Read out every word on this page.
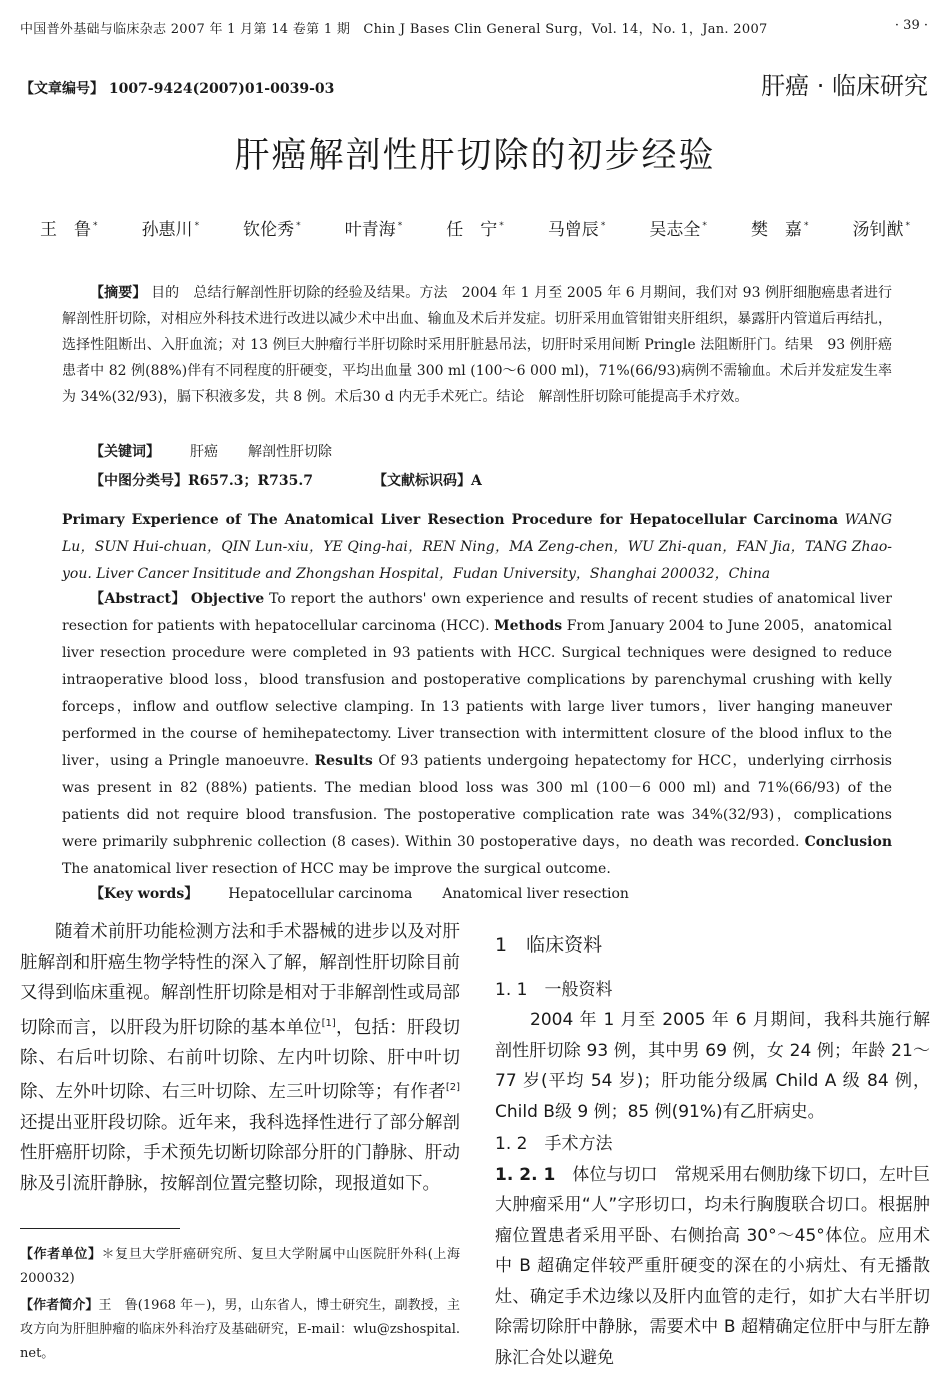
中国普外基础与临床杂志 2007 年 1 月第 14 卷第 1 期　Chin J Bases Clin General Surg，Vol. 14，No. 1，Jan. 2007	· 39 ·
【文章编号】 1007-9424(2007)01-0039-03	肝癌 · 临床研究
肝癌解剖性肝切除的初步经验
王　鲁 *	孙惠川 *	钦伦秀 *	叶青海 *	任　宁 *	马曾辰 *	吴志全 *	樊　嘉 *	汤钊猷 *
【摘要】 目的　总结行解剖性肝切除的经验及结果。方法　2004 年 1 月至 2005 年 6 月期间，我们对 93 例肝细胞癌患者进行解剖性肝切除，对相应外科技术进行改进以减少术中出血、输血及术后并发症。切肝采用血管钳钳夹肝组织，暴露肝内管道后再结扎，选择性阻断出、入肝血流；对 13 例巨大肿瘤行半肝切除时采用肝脏悬吊法，切肝时采用间断 Pringle 法阻断肝门。结果　93 例肝癌患者中 82 例(88%)伴有不同程度的肝硬变，平均出血量 300 ml (100～6 000 ml)，71%(66/93)病例不需输血。术后并发症发生率为 34%(32/93)，膈下积液多发，共 8 例。术后30 d 内无手术死亡。结论　解剖性肝切除可能提高手术疗效。
【关键词】 肝癌 解剖性肝切除
【中图分类号】R657.3；R735.7	【文献标识码】A
Primary Experience of The Anatomical Liver Resection Procedure for Hepatocellular Carcinoma WANG Lu，SUN Hui-chuan，QIN Lun-xiu，YE Qing-hai，REN Ning，MA Zeng-chen，WU Zhi-quan，FAN Jia，TANG Zhao-you. Liver Cancer Insititude and Zhongshan Hospital，Fudan University，Shanghai 200032，China
【Abstract】 Objective To report the authors' own experience and results of recent studies of anatomical liver resection for patients with hepatocellular carcinoma (HCC). Methods From January 2004 to June 2005，anatomical liver resection procedure were completed in 93 patients with HCC. Surgical techniques were designed to reduce intraoperative blood loss，blood transfusion and postoperative complications by parenchymal crushing with kelly forceps，inflow and outflow selective clamping. In 13 patients with large liver tumors，liver hanging maneuver performed in the course of hemihepatectomy. Liver transection with intermittent closure of the blood influx to the liver，using a Pringle manoeuvre. Results Of 93 patients undergoing hepatectomy for HCC，underlying cirrhosis was present in 82 (88%) patients. The median blood loss was 300 ml (100－6 000 ml) and 71%(66/93) of the patients did not require blood transfusion. The postoperative complication rate was 34%(32/93)，complications were primarily subphrenic collection (8 cases). Within 30 postoperative days，no death was recorded. Conclusion The anatomical liver resection of HCC may be improve the surgical outcome.
【Key words】 Hepatocellular carcinoma Anatomical liver resection

随着术前肝功能检测方法和手术器械的进步以及对肝脏解剖和肝癌生物学特性的深入了解，解剖性肝切除目前又得到临床重视。解剖性肝切除是相对于非解剖性或局部切除而言，以肝段为肝切除的基本单位[1]，包括：肝段切除、右后叶切除、右前叶切除、左内叶切除、肝中叶切除、左外叶切除、右三叶切除、左三叶切除等；有作者[2]还提出亚肝段切除。近年来，我科选择性进行了部分解剖性肝癌肝切除，手术预先切断切除部分肝的门静脉、肝动脉及引流肝静脉，按解剖位置完整切除，现报道如下。

【作者单位】＊复旦大学肝癌研究所、复旦大学附属中山医院肝外科(上海 200032)
【作者简介】王　鲁(1968 年－)，男，山东省人，博士研究生，副教授，主攻方向为肝胆肿瘤的临床外科治疗及基础研究，E-mail：wlu@zshospital. net。

1　临床资料

1. 1　一般资料

2004 年 1 月至 2005 年 6 月期间，我科共施行解剖性肝切除 93 例，其中男 69 例，女 24 例；年龄 21～77 岁(平均 54 岁)；肝功能分级属 Child A 级 84 例，Child B级 9 例；85 例(91%)有乙肝病史。

1. 2　手术方法

1. 2. 1　 体位与切口　 常规采用右侧肋缘下切口，左叶巨大肿瘤采用“人”字形切口，均未行胸腹联合切口。根据肿瘤位置患者采用平卧、右侧抬高 30°～45°体位。应用术中 B 超确定伴较严重肝硬变的深在的小病灶、有无播散灶、确定手术边缘以及肝内血管的走行，如扩大右半肝切除需切除肝中静脉，需要术中 B 超精确定位肝中与肝左静脉汇合处以避免
